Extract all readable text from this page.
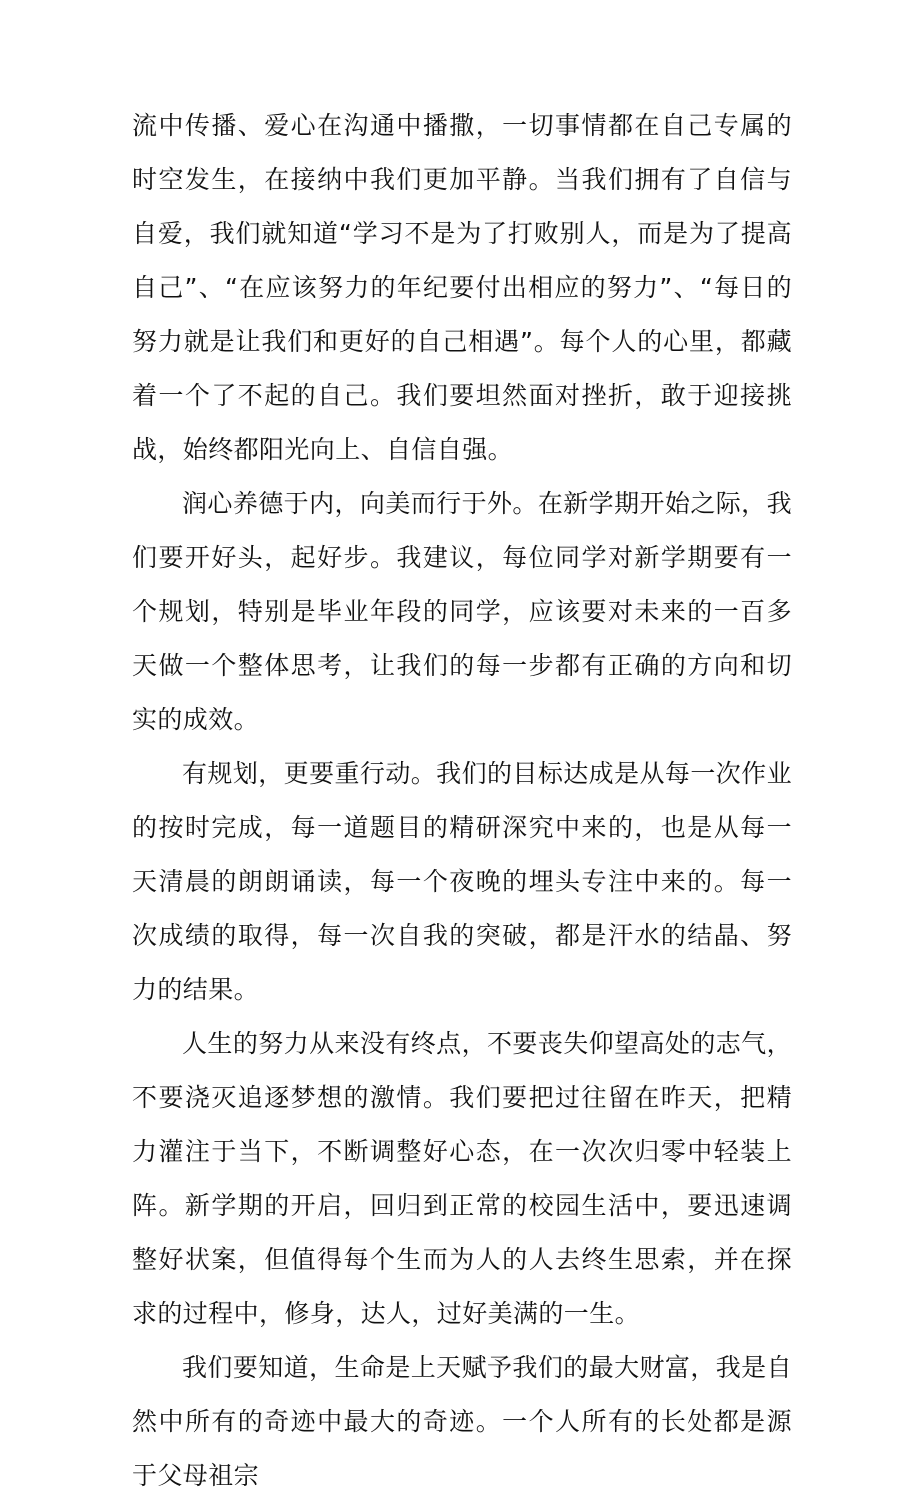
流中传播、爱心在沟通中播撒，一切事情都在自己专属的时空发生，在接纳中我们更加平静。当我们拥有了自信与自爱，我们就知道“学习不是为了打败别人，而是为了提高自己”、“在应该努力的年纪要付出相应的努力”、“每日的努力就是让我们和更好的自己相遇”。每个人的心里，都藏着一个了不起的自己。我们要坦然面对挫折，敢于迎接挑战，始终都阳光向上、自信自强。

润心养德于内，向美而行于外。在新学期开始之际，我们要开好头，起好步。我建议，每位同学对新学期要有一个规划，特别是毕业年段的同学，应该要对未来的一百多天做一个整体思考，让我们的每一步都有正确的方向和切实的成效。

有规划，更要重行动。我们的目标达成是从每一次作业的按时完成，每一道题目的精研深究中来的，也是从每一天清晨的朗朗诵读，每一个夜晚的埋头专注中来的。每一次成绩的取得，每一次自我的突破，都是汗水的结晶、努力的结果。

人生的努力从来没有终点，不要丧失仰望高处的志气，不要浇灭追逐梦想的激情。我们要把过往留在昨天，把精力灌注于当下，不断调整好心态，在一次次归零中轻装上阵。新学期的开启，回归到正常的校园生活中，要迅速调整好状案，但值得每个生而为人的人去终生思索，并在探求的过程中，修身，达人，过好美满的一生。

我们要知道，生命是上天赋予我们的最大财富，我是自然中所有的奇迹中最大的奇迹。一个人所有的长处都是源于父母祖宗
